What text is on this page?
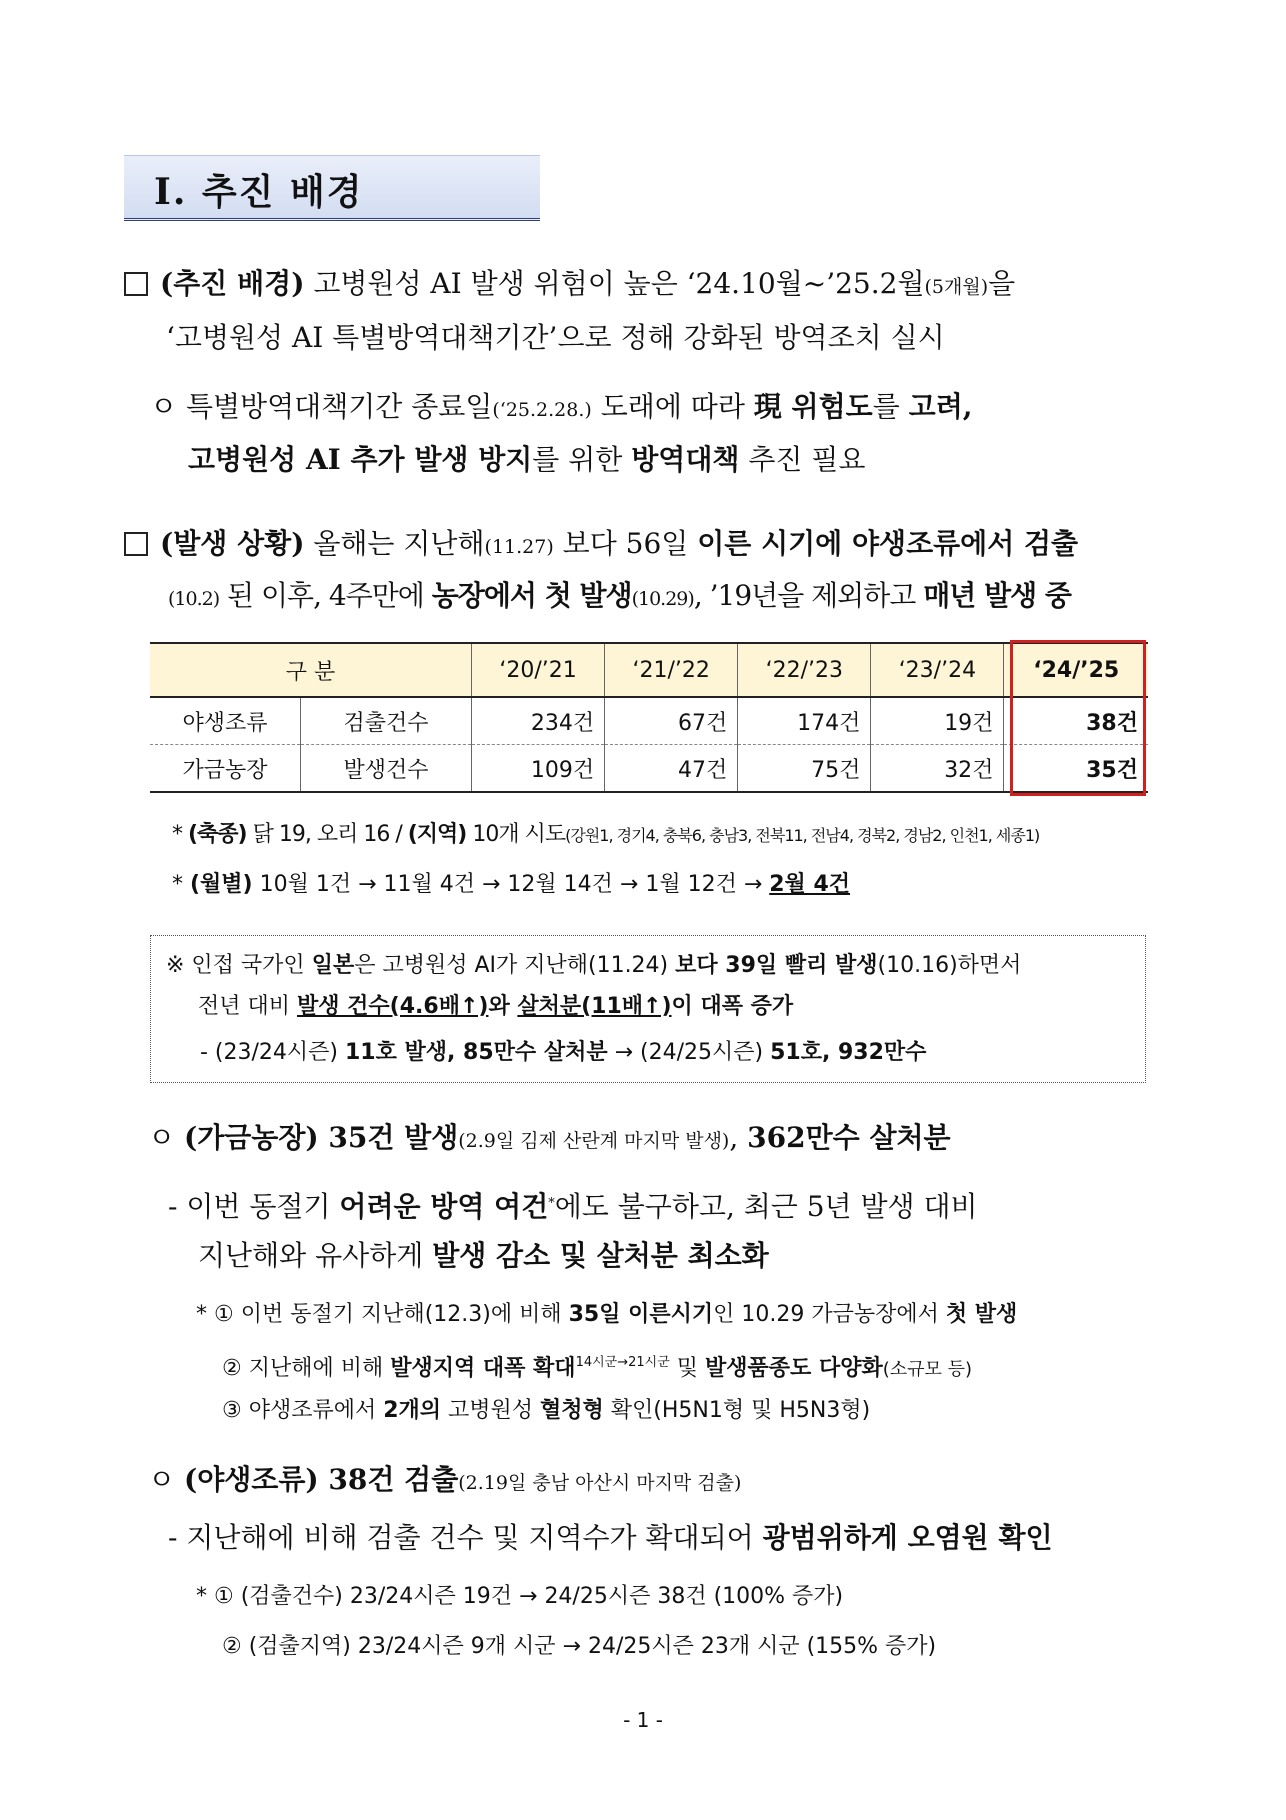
Ⅰ. 추진 배경
(추진 배경) 고병원성 AI 발생 위험이 높은 ‘24.10월~’25.2월(5개월)을
‘고병원성 AI 특별방역대책기간’으로 정해 강화된 방역조치 실시
ㅇ 특별방역대책기간 종료일(‘25.2.28.) 도래에 따라 現 위험도를 고려,
고병원성 AI 추가 발생 방지를 위한 방역대책 추진 필요
(발생 상황) 올해는 지난해(11.27) 보다 56일 이른 시기에 야생조류에서 검출
(10.2) 된 이후, 4주만에 농장에서 첫 발생(10.29), ’19년을 제외하고 매년 발생 중
구 분		‘20/’21	‘21/’22	‘22/’23	‘23/’24	‘24/’25
야생조류	검출건수	234건	67건	174건	19건	38건
가금농장	발생건수	109건	47건	75건	32건	35건
* (축종) 닭 19, 오리 16 / (지역) 10개 시도(강원1, 경기4, 충북6, 충남3, 전북11, 전남4, 경북2, 경남2, 인천1, 세종1)
* (월별) 10월 1건 → 11월 4건 → 12월 14건 → 1월 12건 → 2월 4건
※ 인접 국가인 일본은 고병원성 AI가 지난해(11.24) 보다 39일 빨리 발생(10.16)하면서
전년 대비 발생 건수(4.6배↑)와 살처분(11배↑)이 대폭 증가
- (23/24시즌) 11호 발생, 85만수 살처분 → (24/25시즌) 51호, 932만수
ㅇ (가금농장) 35건 발생(2.9일 김제 산란계 마지막 발생), 362만수 살처분
- 이번 동절기 어려운 방역 여건*에도 불구하고, 최근 5년 발생 대비
지난해와 유사하게 발생 감소 및 살처분 최소화
* ① 이번 동절기 지난해(12.3)에 비해 35일 이른시기인 10.29 가금농장에서 첫 발생
② 지난해에 비해 발생지역 대폭 확대$^{14시군\to 21시군}$ 및 발생품종도 다양화(소규모 등)
③ 야생조류에서 2개의 고병원성 혈청형 확인(H5N1형 및 H5N3형)
ㅇ (야생조류) 38건 검출(2.19일 충남 아산시 마지막 검출)
- 지난해에 비해 검출 건수 및 지역수가 확대되어 광범위하게 오염원 확인
* ① (검출건수) 23/24시즌 19건 → 24/25시즌 38건 (100% 증가)
② (검출지역) 23/24시즌 9개 시군 → 24/25시즌 23개 시군 (155% 증가)
- 1 -
